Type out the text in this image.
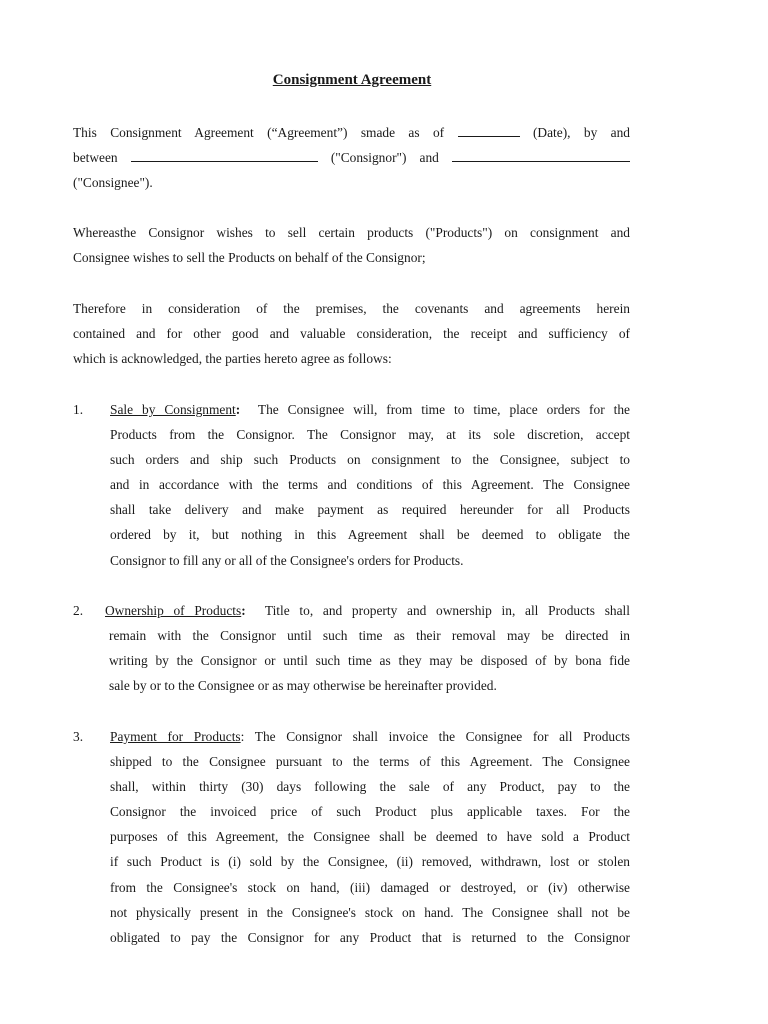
Consignment Agreement
This Consignment Agreement (“Agreement”) smade as of	(Date), by and
between	("Consignor") and
("Consignee").
Whereasthe Consignor wishes to sell certain products ("Products") on consignment and
Consignee wishes to sell the Products on behalf of the Consignor;
Therefore in consideration of the premises, the covenants and agreements herein
contained and for other good and valuable consideration, the receipt and sufficiency of
which is acknowledged, the parties hereto agree as follows:
1. Sale by Consignment: The Consignee will, from time to time, place orders for the
Products from the Consignor. The Consignor may, at its sole discretion, accept
such orders and ship such Products on consignment to the Consignee, subject to
and in accordance with the terms and conditions of this Agreement. The Consignee
shall take delivery and make payment as required hereunder for all Products
ordered by it, but nothing in this Agreement shall be deemed to obligate the
Consignor to fill any or all of the Consignee's orders for Products.
2. Ownership of Products: Title to, and property and ownership in, all Products shall
remain with the Consignor until such time as their removal may be directed in
writing by the Consignor or until such time as they may be disposed of by bona fide
sale by or to the Consignee or as may otherwise be hereinafter provided.
3. Payment for Products: The Consignor shall invoice the Consignee for all Products
shipped to the Consignee pursuant to the terms of this Agreement. The Consignee
shall, within thirty (30) days following the sale of any Product, pay to the
Consignor the invoiced price of such Product plus applicable taxes. For the
purposes of this Agreement, the Consignee shall be deemed to have sold a Product
if such Product is (i) sold by the Consignee, (ii) removed, withdrawn, lost or stolen
from the Consignee's stock on hand, (iii) damaged or destroyed, or (iv) otherwise
not physically present in the Consignee's stock on hand. The Consignee shall not be
obligated to pay the Consignor for any Product that is returned to the Consignor
